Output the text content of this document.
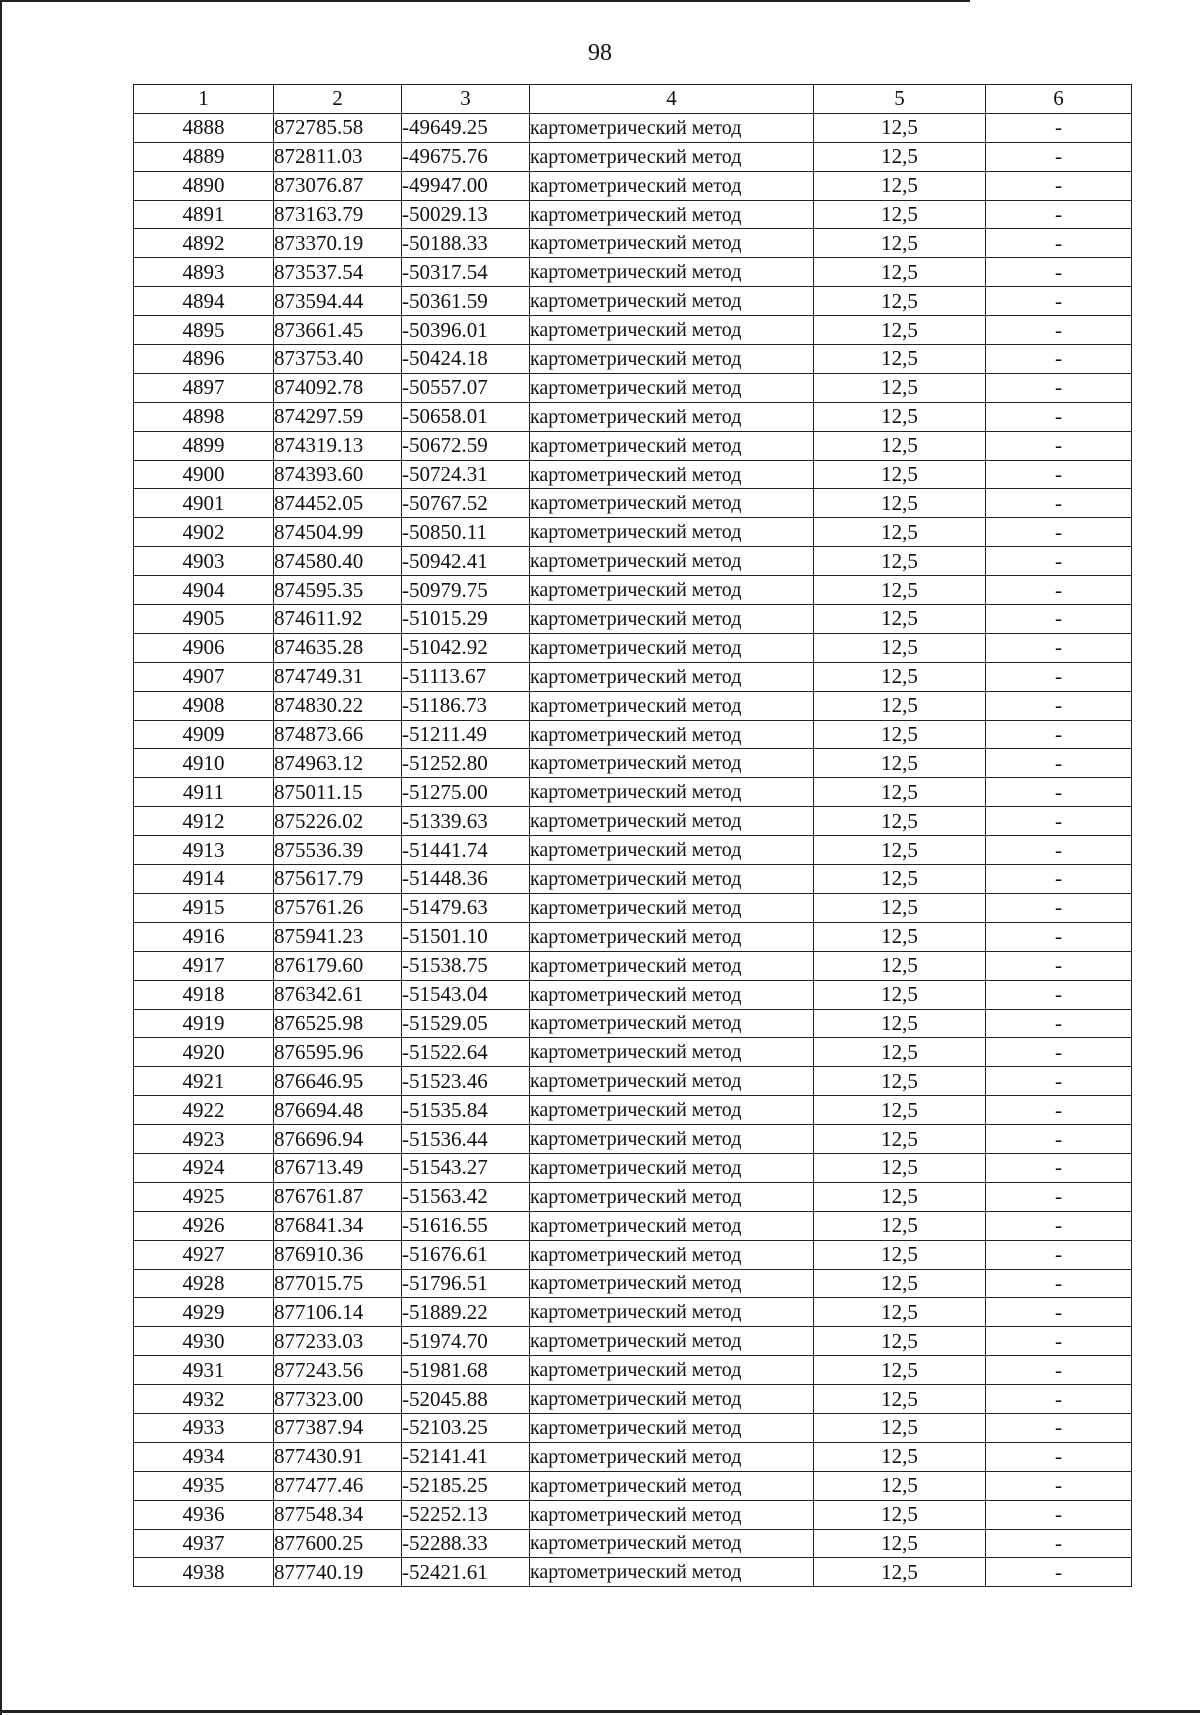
98
1	2	3	4	5	6
4888	872785.58	-49649.25	картометрический метод	12,5	-
4889	872811.03	-49675.76	картометрический метод	12,5	-
4890	873076.87	-49947.00	картометрический метод	12,5	-
4891	873163.79	-50029.13	картометрический метод	12,5	-
4892	873370.19	-50188.33	картометрический метод	12,5	-
4893	873537.54	-50317.54	картометрический метод	12,5	-
4894	873594.44	-50361.59	картометрический метод	12,5	-
4895	873661.45	-50396.01	картометрический метод	12,5	-
4896	873753.40	-50424.18	картометрический метод	12,5	-
4897	874092.78	-50557.07	картометрический метод	12,5	-
4898	874297.59	-50658.01	картометрический метод	12,5	-
4899	874319.13	-50672.59	картометрический метод	12,5	-
4900	874393.60	-50724.31	картометрический метод	12,5	-
4901	874452.05	-50767.52	картометрический метод	12,5	-
4902	874504.99	-50850.11	картометрический метод	12,5	-
4903	874580.40	-50942.41	картометрический метод	12,5	-
4904	874595.35	-50979.75	картометрический метод	12,5	-
4905	874611.92	-51015.29	картометрический метод	12,5	-
4906	874635.28	-51042.92	картометрический метод	12,5	-
4907	874749.31	-51113.67	картометрический метод	12,5	-
4908	874830.22	-51186.73	картометрический метод	12,5	-
4909	874873.66	-51211.49	картометрический метод	12,5	-
4910	874963.12	-51252.80	картометрический метод	12,5	-
4911	875011.15	-51275.00	картометрический метод	12,5	-
4912	875226.02	-51339.63	картометрический метод	12,5	-
4913	875536.39	-51441.74	картометрический метод	12,5	-
4914	875617.79	-51448.36	картометрический метод	12,5	-
4915	875761.26	-51479.63	картометрический метод	12,5	-
4916	875941.23	-51501.10	картометрический метод	12,5	-
4917	876179.60	-51538.75	картометрический метод	12,5	-
4918	876342.61	-51543.04	картометрический метод	12,5	-
4919	876525.98	-51529.05	картометрический метод	12,5	-
4920	876595.96	-51522.64	картометрический метод	12,5	-
4921	876646.95	-51523.46	картометрический метод	12,5	-
4922	876694.48	-51535.84	картометрический метод	12,5	-
4923	876696.94	-51536.44	картометрический метод	12,5	-
4924	876713.49	-51543.27	картометрический метод	12,5	-
4925	876761.87	-51563.42	картометрический метод	12,5	-
4926	876841.34	-51616.55	картометрический метод	12,5	-
4927	876910.36	-51676.61	картометрический метод	12,5	-
4928	877015.75	-51796.51	картометрический метод	12,5	-
4929	877106.14	-51889.22	картометрический метод	12,5	-
4930	877233.03	-51974.70	картометрический метод	12,5	-
4931	877243.56	-51981.68	картометрический метод	12,5	-
4932	877323.00	-52045.88	картометрический метод	12,5	-
4933	877387.94	-52103.25	картометрический метод	12,5	-
4934	877430.91	-52141.41	картометрический метод	12,5	-
4935	877477.46	-52185.25	картометрический метод	12,5	-
4936	877548.34	-52252.13	картометрический метод	12,5	-
4937	877600.25	-52288.33	картометрический метод	12,5	-
4938	877740.19	-52421.61	картометрический метод	12,5	-
